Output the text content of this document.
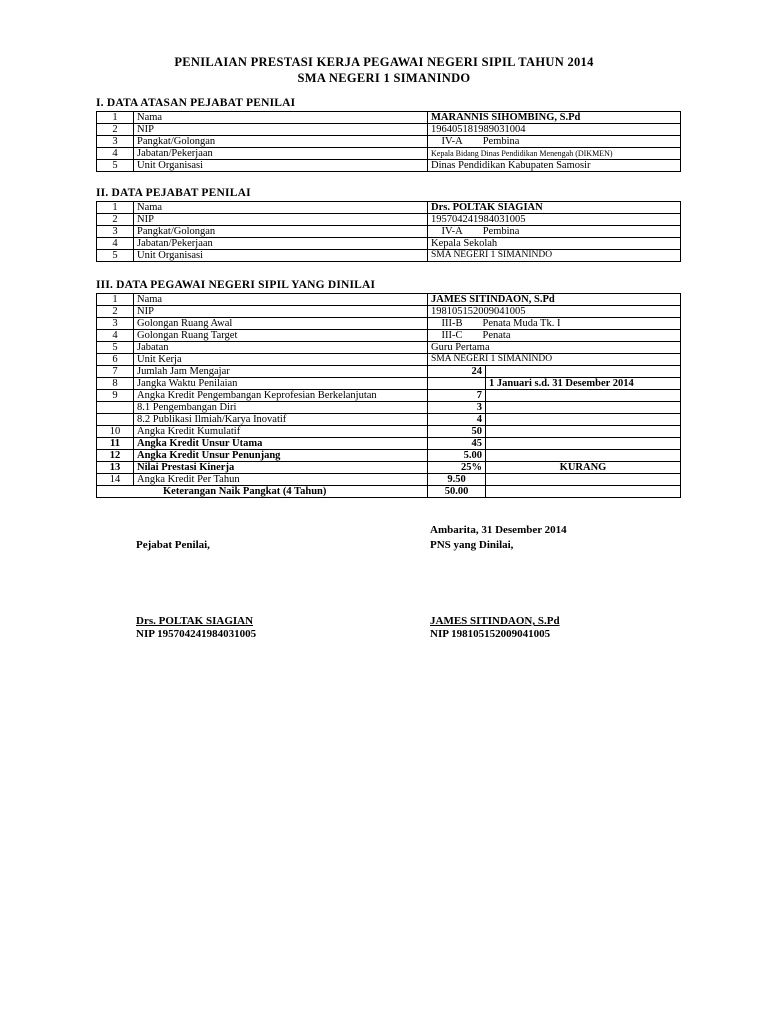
PENILAIAN PRESTASI KERJA PEGAWAI NEGERI SIPIL TAHUN 2014
SMA NEGERI 1 SIMANINDO
I. DATA ATASAN PEJABAT PENILAI
1	Nama	MARANNIS SIHOMBING, S.Pd
2	NIP	196405181989031004
3	Pangkat/Golongan	IV-A Pembina
4	Jabatan/Pekerjaan	Kepala Bidang Dinas Pendidikan Menengah (DIKMEN)
5	Unit Organisasi	Dinas Pendidikan Kabupaten Samosir
II. DATA PEJABAT PENILAI
1	Nama	Drs. POLTAK SIAGIAN
2	NIP	195704241984031005
3	Pangkat/Golongan	IV-A Pembina
4	Jabatan/Pekerjaan	Kepala Sekolah
5	Unit Organisasi	SMA NEGERI 1 SIMANINDO
III. DATA PEGAWAI NEGERI SIPIL YANG DINILAI
1	Nama	JAMES SITINDAON, S.Pd	
2	NIP	198105152009041005	
3	Golongan Ruang Awal	III-B Penata Muda Tk. I	
4	Golongan Ruang Target	III-C Penata	
5	Jabatan	Guru Pertama	
6	Unit Kerja	SMA NEGERI 1 SIMANINDO	
7	Jumlah Jam Mengajar	24	
8	Jangka Waktu Penilaian		1 Januari s.d. 31 Desember 2014
9	Angka Kredit Pengembangan Keprofesian Berkelanjutan	7	
	8.1 Pengembangan Diri	3	
	8.2 Publikasi Ilmiah/Karya Inovatif	4	
10	Angka Kredit Kumulatif	50	
11	Angka Kredit Unsur Utama	45	
12	Angka Kredit Unsur Penunjang	5.00	
13	Nilai Prestasi Kinerja	25%	KURANG
14	Angka Kredit Per Tahun	9.50	
Keterangan Naik Pangkat (4 Tahun)		50.00	
Ambarita, 31 Desember 2014
Pejabat Penilai,	PNS yang Dinilai,
Drs. POLTAK SIAGIAN
NIP 195704241984031005
JAMES SITINDAON, S.Pd
NIP 198105152009041005
